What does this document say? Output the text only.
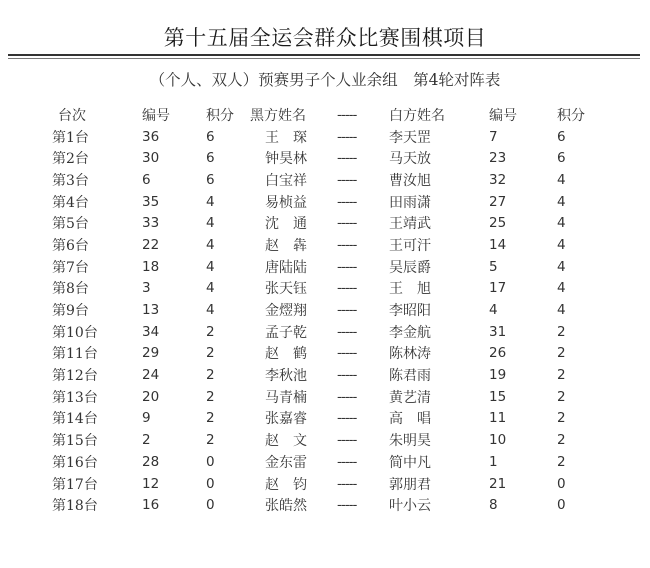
第十五届全运会群众比赛围棋项目
（个人、双人）预赛男子个人业余组　第4轮对阵表
台次	编号	积分	黑方姓名	-----	白方姓名	编号	积分
第1台	36	6	王　琛	-----	李天罡	7	6
第2台	30	6	钟昊林	-----	马天放	23	6
第3台	6	6	白宝祥	-----	曹汝旭	32	4
第4台	35	4	易桢益	-----	田雨潇	27	4
第5台	33	4	沈　通	-----	王靖武	25	4
第6台	22	4	赵　犇	-----	王可汗	14	4
第7台	18	4	唐陆陆	-----	吴辰爵	5	4
第8台	3	4	张天钰	-----	王　旭	17	4
第9台	13	4	金熤翔	-----	李昭阳	4	4
第10台	34	2	孟子乾	-----	李金航	31	2
第11台	29	2	赵　鹤	-----	陈林涛	26	2
第12台	24	2	李秋池	-----	陈君雨	19	2
第13台	20	2	马青楠	-----	黄艺清	15	2
第14台	9	2	张嘉睿	-----	高　唱	11	2
第15台	2	2	赵　文	-----	朱明昊	10	2
第16台	28	0	金东雷	-----	简中凡	1	2
第17台	12	0	赵　钧	-----	郭朋君	21	0
第18台	16	0	张皓然	-----	叶小云	8	0
